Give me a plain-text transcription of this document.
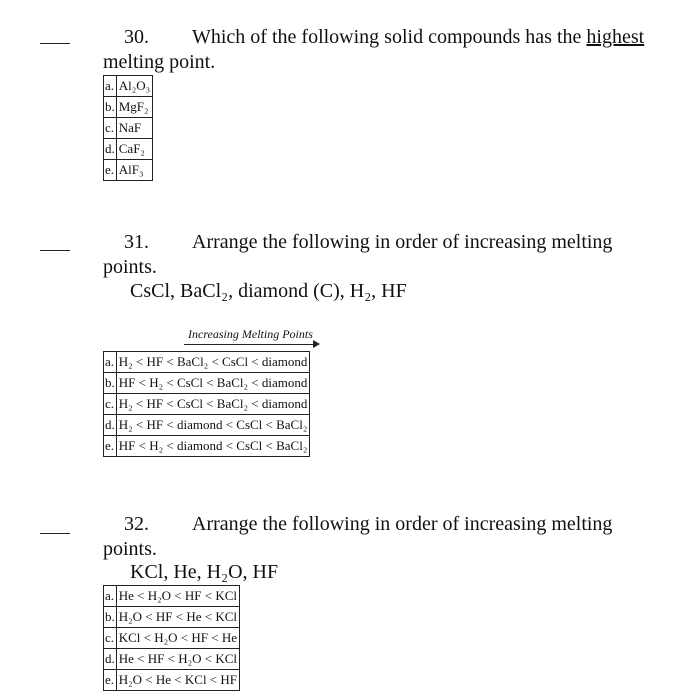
30. Which of the following solid compounds has the highest
melting point.
a.	Al₂O₃
b.	MgF₂
c.	NaF
d.	CaF₂
e.	AlF₃
31. Arrange the following in order of increasing melting
points.
CsCl, BaCl₂, diamond (C), H₂, HF
Increasing Melting Points
a.	H₂ < HF < BaCl₂ < CsCl < diamond
b.	HF < H₂ < CsCl < BaCl₂ < diamond
c.	H₂ < HF < CsCl < BaCl₂ < diamond
d.	H₂ < HF < diamond < CsCl < BaCl₂
e.	HF < H₂ < diamond < CsCl < BaCl₂
32. Arrange the following in order of increasing melting
points.
KCl, He, H₂O, HF
a.	He < H₂O < HF < KCl
b.	H₂O < HF < He < KCl
c.	KCl < H₂O < HF < He
d.	He < HF < H₂O < KCl
e.	H₂O < He < KCl < HF
